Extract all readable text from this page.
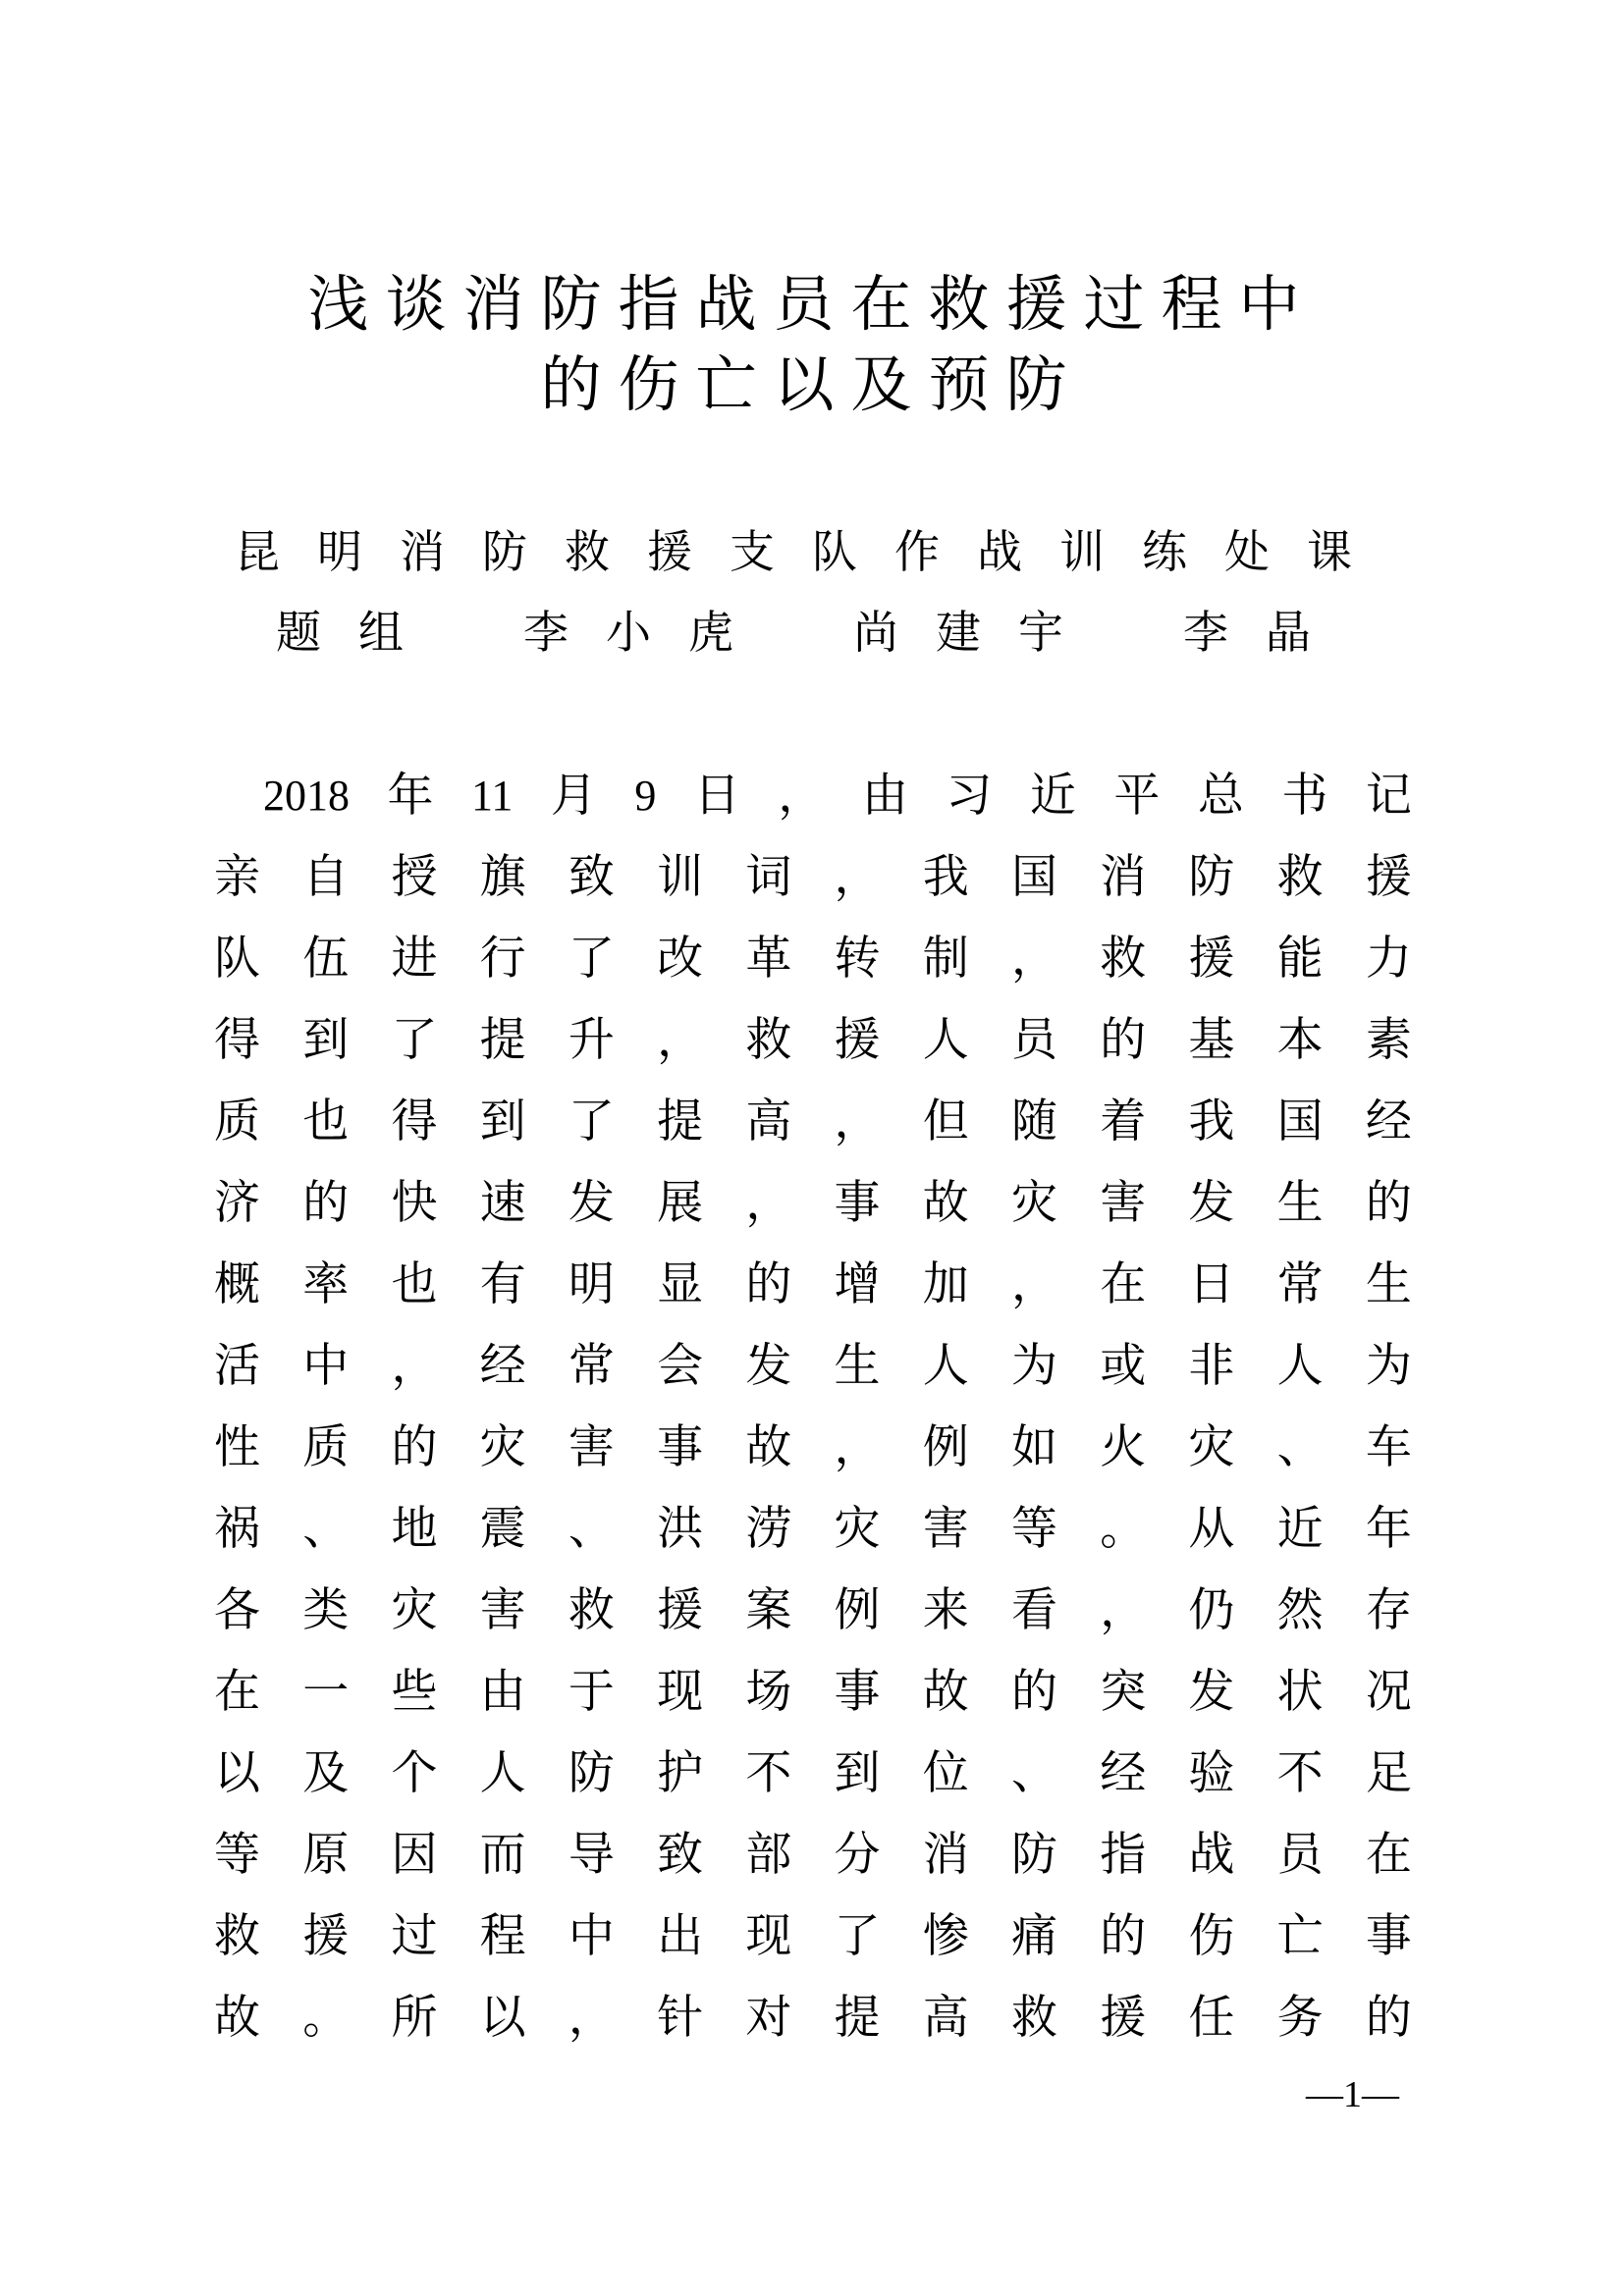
浅谈消防指战员在救援过程中
的伤亡以及预防
昆明消防救援支队作战训练处课
题组　李小虎　尚建宇　李晶
2018 年 11 月 9 日 ， 由 习 近 平 总 书 记
亲 自 授 旗 致 训 词 ， 我 国 消 防 救 援
队 伍 进 行 了 改 革 转 制 ， 救 援 能 力
得 到 了 提 升 ， 救 援 人 员 的 基 本 素
质 也 得 到 了 提 高 ， 但 随 着 我 国 经
济 的 快 速 发 展 ， 事 故 灾 害 发 生 的
概 率 也 有 明 显 的 增 加 ， 在 日 常 生
活 中 ， 经 常 会 发 生 人 为 或 非 人 为
性 质 的 灾 害 事 故 ， 例 如 火 灾 、 车
祸 、 地 震 、 洪 涝 灾 害 等 。 从 近 年
各 类 灾 害 救 援 案 例 来 看 ， 仍 然 存
在 一 些 由 于 现 场 事 故 的 突 发 状 况
以 及 个 人 防 护 不 到 位 、 经 验 不 足
等 原 因 而 导 致 部 分 消 防 指 战 员 在
救 援 过 程 中 出 现 了 惨 痛 的 伤 亡 事
故 。 所 以 ， 针 对 提 高 救 援 任 务 的
—1—
